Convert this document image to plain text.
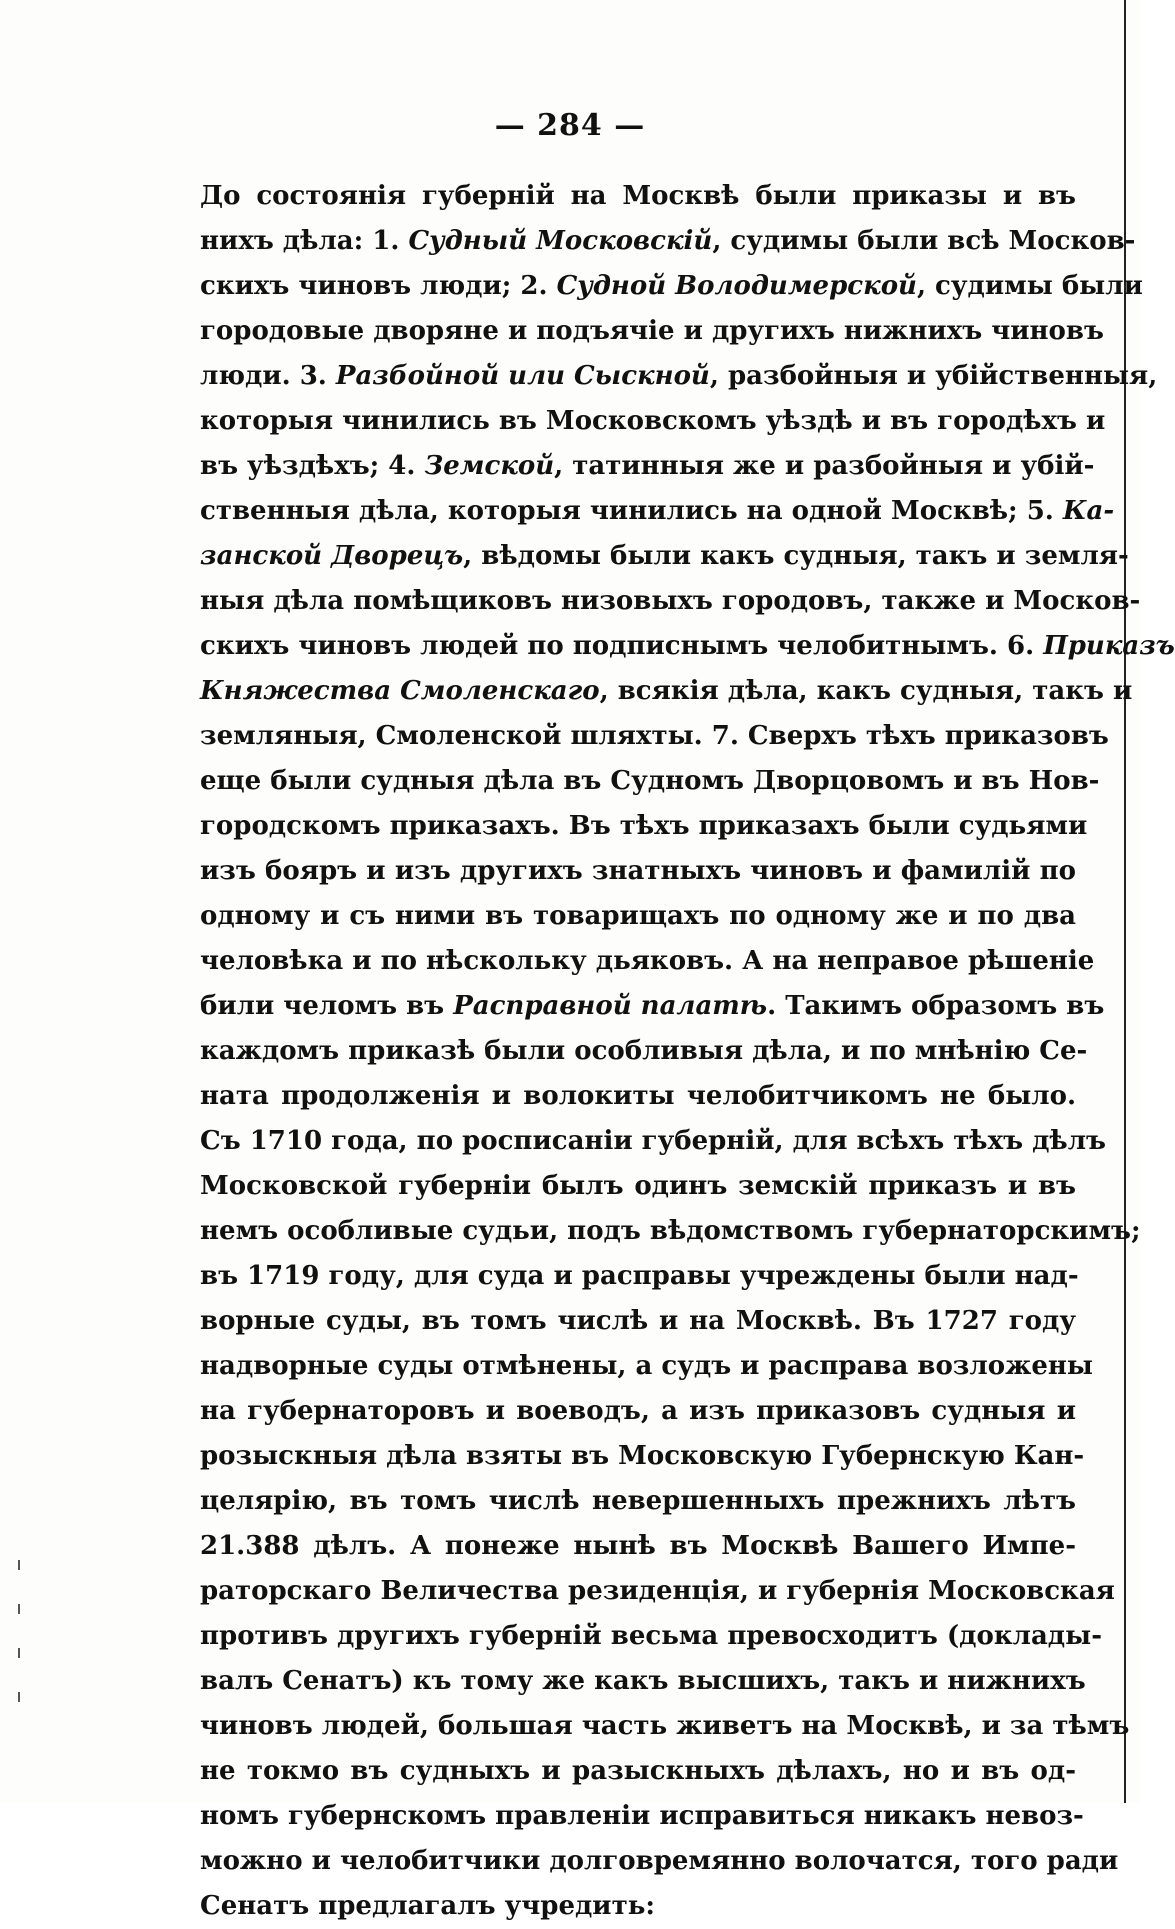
— 284 —
До состоянія губерній на Москвѣ были приказы и въ
нихъ дѣла: 1. Судный Московскій, судимы были всѣ Москов-
скихъ чиновъ люди; 2. Судной Володимерской, судимы были
городовые дворяне и подъячіе и другихъ нижнихъ чиновъ
люди. 3. Разбойной или Сыскной, разбойныя и убійственныя,
которыя чинились въ Московскомъ уѣздѣ и въ городѣхъ и
въ уѣздѣхъ; 4. Земской, татинныя же и разбойныя и убій-
ственныя дѣла, которыя чинились на одной Москвѣ; 5. Ка-
занской Дворецъ, вѣдомы были какъ судныя, такъ и земля-
ныя дѣла помѣщиковъ низовыхъ городовъ, также и Москов-
скихъ чиновъ людей по подписнымъ челобитнымъ. 6. Приказъ
Княжества Смоленскаго, всякія дѣла, какъ судныя, такъ и
земляныя, Смоленской шляхты. 7. Сверхъ тѣхъ приказовъ
еще были судныя дѣла въ Судномъ Дворцовомъ и въ Нов-
городскомъ приказахъ. Въ тѣхъ приказахъ были судьями
изъ бояръ и изъ другихъ знатныхъ чиновъ и фамилій по
одному и съ ними въ товарищахъ по одному же и по два
человѣка и по нѣскольку дьяковъ. А на неправое рѣшеніе
били челомъ въ Расправной палатѣ. Такимъ образомъ въ
каждомъ приказѣ были особливыя дѣла, и по мнѣнію Се-
ната продолженія и волокиты челобитчикомъ не было.
Съ 1710 года, по росписаніи губерній, для всѣхъ тѣхъ дѣлъ
Московской губерніи былъ одинъ земскій приказъ и въ
немъ особливые судьи, подъ вѣдомствомъ губернаторскимъ;
въ 1719 году, для суда и расправы учреждены были над-
ворные суды, въ томъ числѣ и на Москвѣ. Въ 1727 году
надворные суды отмѣнены, а судъ и расправа возложены
на губернаторовъ и воеводъ, а изъ приказовъ судныя и
розыскныя дѣла взяты въ Московскую Губернскую Кан-
целярію, въ томъ числѣ невершенныхъ прежнихъ лѣтъ
21.388 дѣлъ. А понеже нынѣ въ Москвѣ Вашего Импе-
раторскаго Величества резиденція, и губернія Московская
противъ другихъ губерній весьма превосходитъ (доклады-
валъ Сенатъ) къ тому же какъ высшихъ, такъ и нижнихъ
чиновъ людей, большая часть живетъ на Москвѣ, и за тѣмъ
не токмо въ судныхъ и разыскныхъ дѣлахъ, но и въ од-
номъ губернскомъ правленіи исправиться никакъ невоз-
можно и челобитчики долговремянно волочатся, того ради
Сенатъ предлагалъ учредить:
